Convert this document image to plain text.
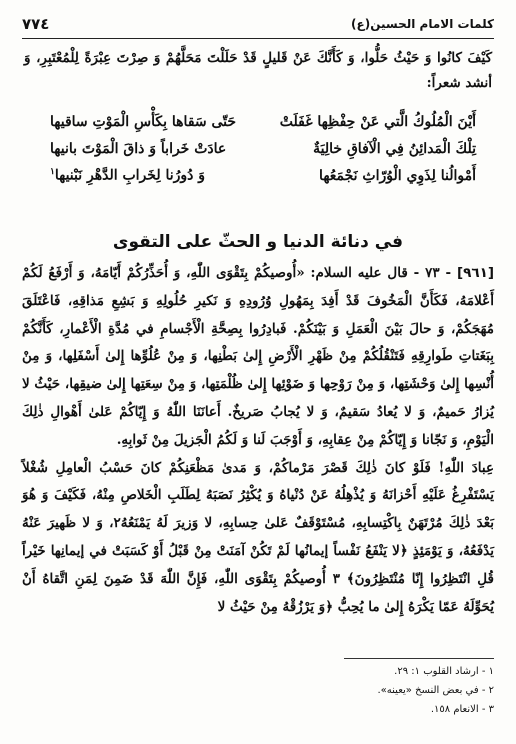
كلمات الامام الحسين(ع)
٧٧٤

كَيْفَ كانُوا وَ حَيْثُ حَلُّوا، وَ كَأَنَّكَ عَنْ قَليلٍ قَدْ حَلَلْتَ مَحَلَّهُمْ وَ صِرْتَ عِبْرَةً لِلْمُعْتَبِرِ، وَ أنشد شعراً:

أَيْنَ الْمُلُوكُ الَّتي عَنْ حِفْظِها غَفَلَتْ
حَتّى سَقاها بِكَأْسِ الْمَوْتِ ساقيها
تِلْكَ الْمَدائِنُ فِي الْآفاقِ خالِيَةٌ
عادَتْ خَراباً وَ ذاقَ الْمَوْتَ بانيها
أَمْوالُنا لِذَوِي الْوُرّاثِ نَجْمَعُها
وَ دُورُنا لِخَرابِ الدَّهْرِ نَبْنيها$^١$
في دنائة الدنيا و الحثّ على التقوى

[٩٦١] - ٧٣ - قال عليه السلام: «أُوصيكُمْ بِتَقْوَى اللّٰهِ، وَ أُحَذِّرُكُمْ أَيّامَهُ، وَ أَرْفَعُ لَكُمْ أَعْلامَهُ، فَكَأَنَّ الْمَخُوفَ قَدْ أَفِدَ بِمَهُولِ وُرُودِهِ وَ نَكيرِ حُلُولِهِ وَ بَشِعِ مَذاقِهِ، فَاعْتَلَقَ مُهَجَكُمْ، وَ حالَ بَيْنَ الْعَمَلِ وَ بَيْنَكُمْ. فَبادِرُوا بِصِحَّةِ الْأَجْسامِ في مُدَّةِ الْأَعْمارِ، كَأَنَّكُمْ بِبَغَتاتِ طَوارِقِهِ فَتَنْقُلُكُمْ مِنْ ظَهْرِ الْأَرْضِ إِلىٰ بَطْنِها، وَ مِنْ عُلُوِّها إِلىٰ أَسْفَلِها، وَ مِنْ أُنْسِها إِلىٰ وَحْشَتِها، وَ مِنْ رَوْحِها وَ ضَوْئِها إِلىٰ ظُلْمَتِها، وَ مِنْ سِعَتِها إِلىٰ ضيقِها، حَيْثُ لا يُزارُ حَميمٌ، وَ لا يُعادُ سَقيمٌ، وَ لا يُجابُ صَريخٌ. أَعانَنَا اللّٰهُ وَ إِيّاكُمْ عَلىٰ أَهْوالِ ذٰلِكَ الْيَوْمِ، وَ نَجّانا وَ إِيّاكُمْ مِنْ عِقابِهِ، وَ أَوْجَبَ لَنا وَ لَكُمُ الْجَزيلَ مِنْ ثَوابِهِ.

عِبادَ اللّٰهِ! فَلَوْ كانَ ذٰلِكَ قَصْرَ مَرْماكُمْ، وَ مَدىٰ مَظْعَنِكُمْ كانَ حَسْبُ الْعامِلِ شُغْلاً يَسْتَفْرِغُ عَلَيْهِ أَحْزانَهُ وَ يُذْهِلُهُ عَنْ دُنْياهُ وَ يُكْثِرُ نَصَبَهُ لِطَلَبِ الْخَلاصِ مِنْهُ، فَكَيْفَ وَ هُوَ بَعْدَ ذٰلِكَ مُرْتَهَنٌ بِاكْتِسابِهِ، مُسْتَوْقَفٌ عَلىٰ حِسابِهِ، لا وَزيرَ لَهُ يَمْنَعُهُ٢، وَ لا ظَهيرَ عَنْهُ يَدْفَعُهُ، وَ يَوْمَئِذٍ ﴿لا يَنْفَعُ نَفْساً إيمانُها لَمْ تَكُنْ آمَنَتْ مِنْ قَبْلُ أَوْ كَسَبَتْ في إيمانِها خَيْراً قُلِ انْتَظِرُوا إِنّا مُنْتَظِرُونَ﴾ ٣ أُوصيكُمْ بِتَقْوَى اللّٰهِ، فَإِنَّ اللّٰهَ قَدْ ضَمِنَ لِمَنِ اتَّقاهُ أَنْ يُحَوِّلَهُ عَمّا يَكْرَهُ إِلىٰ ما يُحِبُّ ﴿وَ يَرْزُقْهُ مِنْ حَيْثُ لا

١ - ارشاد القلوب ١: ٢٩.
٢ - في بعض النسخ «يعينه».
٣ - الانعام ١٥٨.
